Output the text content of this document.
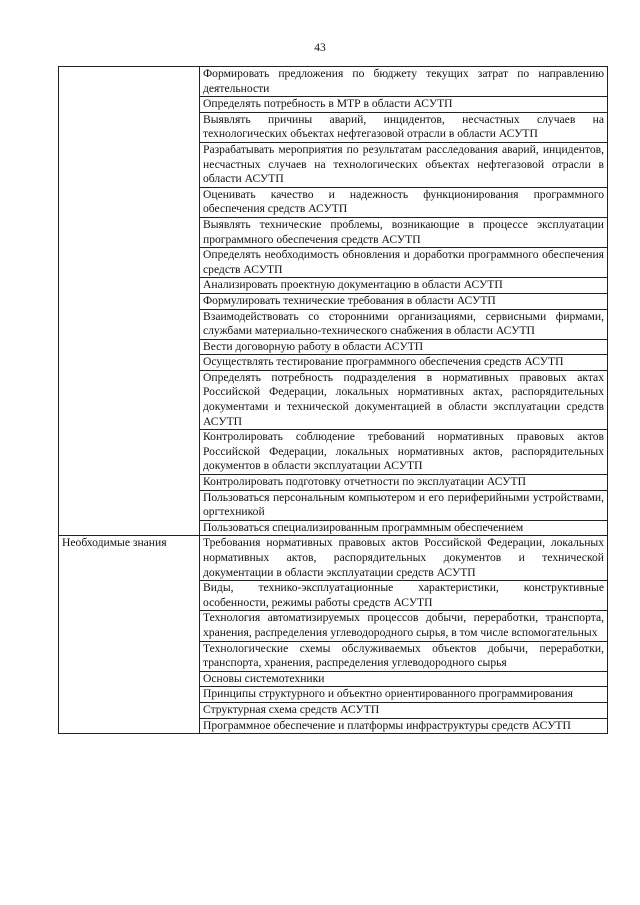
43
	Формировать предложения по бюджету текущих затрат по направлению деятельности
	Определять потребность в МТР в области АСУТП
	Выявлять причины аварий, инцидентов, несчастных случаев на технологических объектах нефтегазовой отрасли в области АСУТП
	Разрабатывать мероприятия по результатам расследования аварий, инцидентов, несчастных случаев на технологических объектах нефтегазовой отрасли в области АСУТП
	Оценивать качество и надежность функционирования программного обеспечения средств АСУТП
	Выявлять технические проблемы, возникающие в процессе эксплуатации программного обеспечения средств АСУТП
	Определять необходимость обновления и доработки программного обеспечения средств АСУТП
	Анализировать проектную документацию в области АСУТП
	Формулировать технические требования в области АСУТП
	Взаимодействовать со сторонними организациями, сервисными фирмами, службами материально-технического снабжения в области АСУТП
	Вести договорную работу в области АСУТП
	Осуществлять тестирование программного обеспечения средств АСУТП
	Определять потребность подразделения в нормативных правовых актах Российской Федерации, локальных нормативных актах, распорядительных документами и технической документацией в области эксплуатации средств АСУТП
	Контролировать соблюдение требований нормативных правовых актов Российской Федерации, локальных нормативных актов, распорядительных документов в области эксплуатации АСУТП
	Контролировать подготовку отчетности по эксплуатации АСУТП
	Пользоваться персональным компьютером и его периферийными устройствами, оргтехникой
	Пользоваться специализированным программным обеспечением
Необходимые знания	Требования нормативных правовых актов Российской Федерации, локальных нормативных актов, распорядительных документов и технической документации в области эксплуатации средств АСУТП
	Виды, технико-эксплуатационные характеристики, конструктивные особенности, режимы работы средств АСУТП
	Технология автоматизируемых процессов добычи, переработки, транспорта, хранения, распределения углеводородного сырья, в том числе вспомогательных
	Технологические схемы обслуживаемых объектов добычи, переработки, транспорта, хранения, распределения углеводородного сырья
	Основы системотехники
	Принципы структурного и объектно ориентированного программирования
	Структурная схема средств АСУТП
	Программное обеспечение и платформы инфраструктуры средств АСУТП
